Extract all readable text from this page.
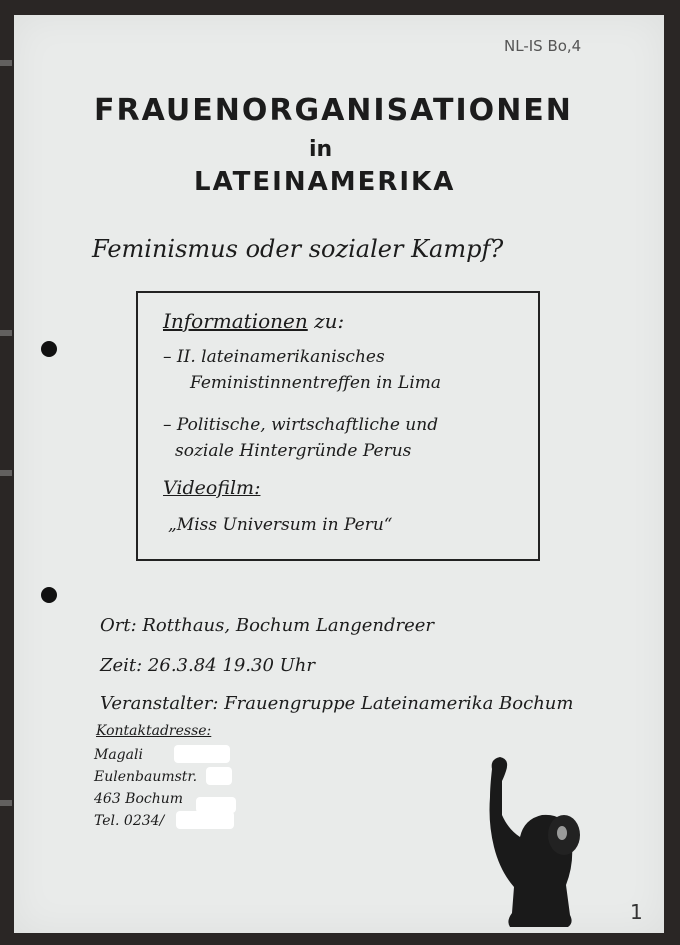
NL-IS Bo,4
FRAUENORGANISATIONEN
in
LATEINAMERIKA
Feminismus oder sozialer Kampf?
Informationen zu:
– II. lateinamerikanisches
Feministinnentreffen in Lima
– Politische, wirtschaftliche und
soziale Hintergründe Perus
Videofilm:
„Miss Universum in Peru“
Ort: Rotthaus, Bochum Langendreer
Zeit: 26.3.84 19.30 Uhr
Veranstalter: Frauengruppe Lateinamerika Bochum
Kontaktadresse:
Magali
Eulenbaumstr.
463 Bochum
Tel. 0234/
1
